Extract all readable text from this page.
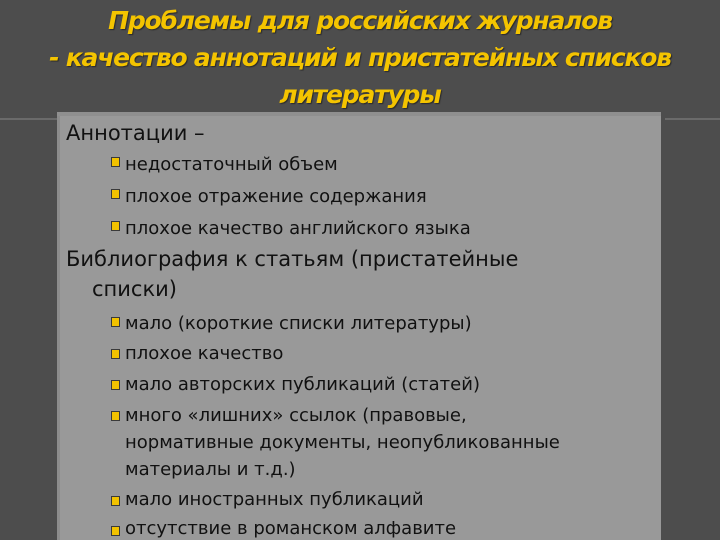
Проблемы для российских журналов
- качество аннотаций и пристатейных списков
литературы
Аннотации –
недостаточный объем
плохое отражение содержания
плохое качество английского языка
Библиография к статьям (пристатейные
списки)
мало (короткие списки литературы)
плохое качество
мало авторских публикаций (статей)
много «лишних» ссылок (правовые,
нормативные документы, неопубликованные
материалы и т.д.)
мало иностранных публикаций
отсутствие в романском алфавите
